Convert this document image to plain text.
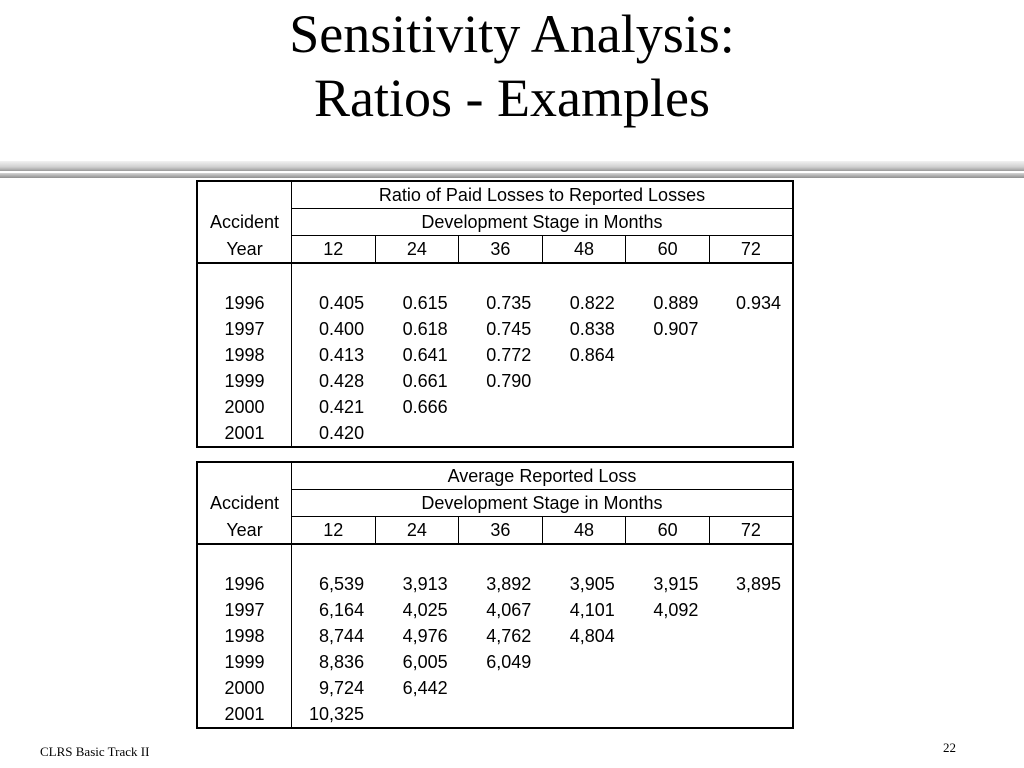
Sensitivity Analysis:
Ratios - Examples
	Ratio of Paid Losses to Reported Losses					
Accident	Development Stage in Months					
Year	12	24	36	48	60	72

1996	0.405	0.615	0.735	0.822	0.889	0.934
1997	0.400	0.618	0.745	0.838	0.907	
1998	0.413	0.641	0.772	0.864		
1999	0.428	0.661	0.790			
2000	0.421	0.666				
2001	0.420					
	Average Reported Loss					
Accident	Development Stage in Months					
Year	12	24	36	48	60	72

1996	6,539	3,913	3,892	3,905	3,915	3,895
1997	6,164	4,025	4,067	4,101	4,092	
1998	8,744	4,976	4,762	4,804		
1999	8,836	6,005	6,049			
2000	9,724	6,442				
2001	10,325					
CLRS Basic Track II	22
